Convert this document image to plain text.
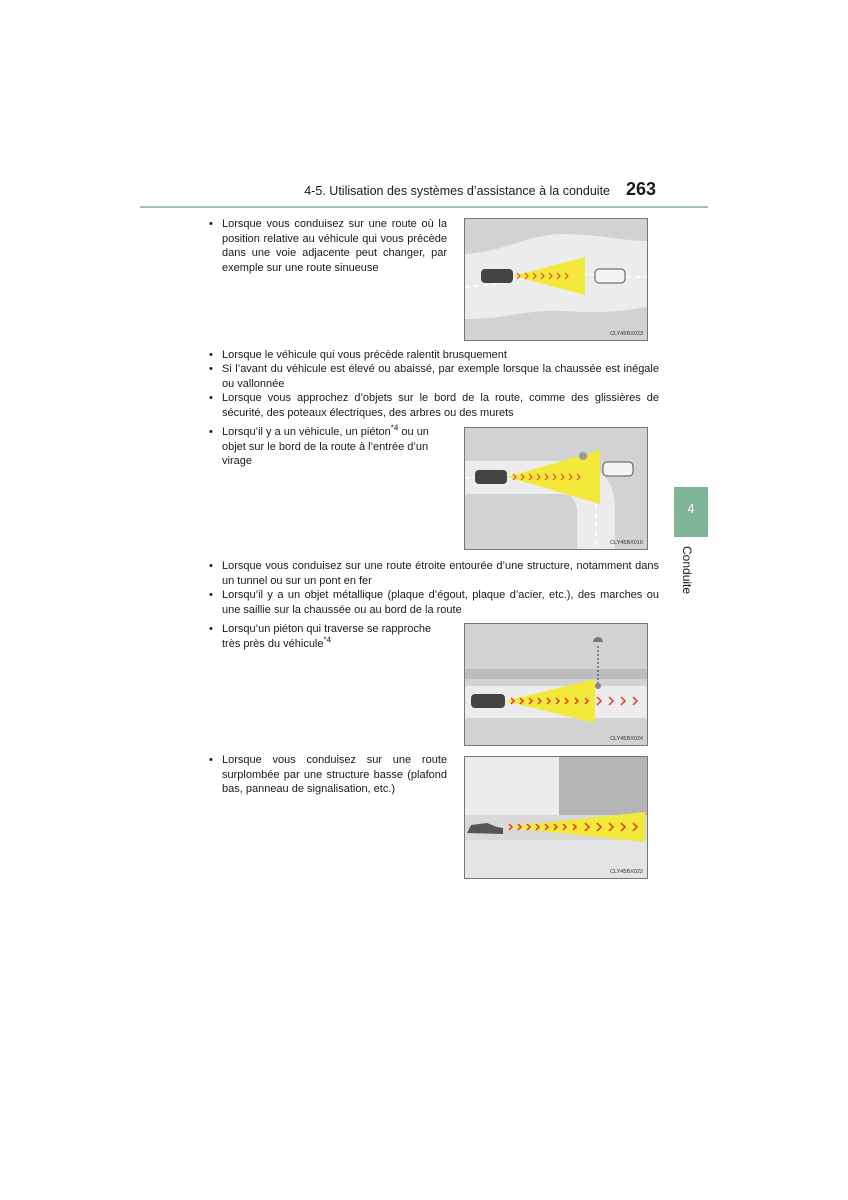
4-5. Utilisation des systèmes d’assistance à la conduite 263
4
Conduite
• Lorsque vous conduisez sur une route où la position relative au véhicule qui vous précède dans une voie adjacente peut changer, par exemple sur une route sinueuse
CLY45BX023
• Lorsque le véhicule qui vous précède ralentit brusquement
• Si l’avant du véhicule est élevé ou abaissé, par exemple lorsque la chaussée est inégale ou vallonnée
• Lorsque vous approchez d’objets sur le bord de la route, comme des glissières de sécurité, des poteaux électriques, des arbres ou des murets
• Lorsqu’il y a un véhicule, un piéton$^{*4}$ ou un objet sur le bord de la route à l’entrée d’un virage
CLY45BX016
• Lorsque vous conduisez sur une route étroite entourée d’une structure, notamment dans un tunnel ou sur un pont en fer
• Lorsqu’il y a un objet métallique (plaque d’égout, plaque d’acier, etc.), des marches ou une saillie sur la chaussée ou au bord de la route
• Lorsqu’un piéton qui traverse se rapproche très près du véhicule$^{*4}$
CLY45BX024
• Lorsque vous conduisez sur une route surplombée par une structure basse (plafond bas, panneau de signalisation, etc.)
CLY45BX022
